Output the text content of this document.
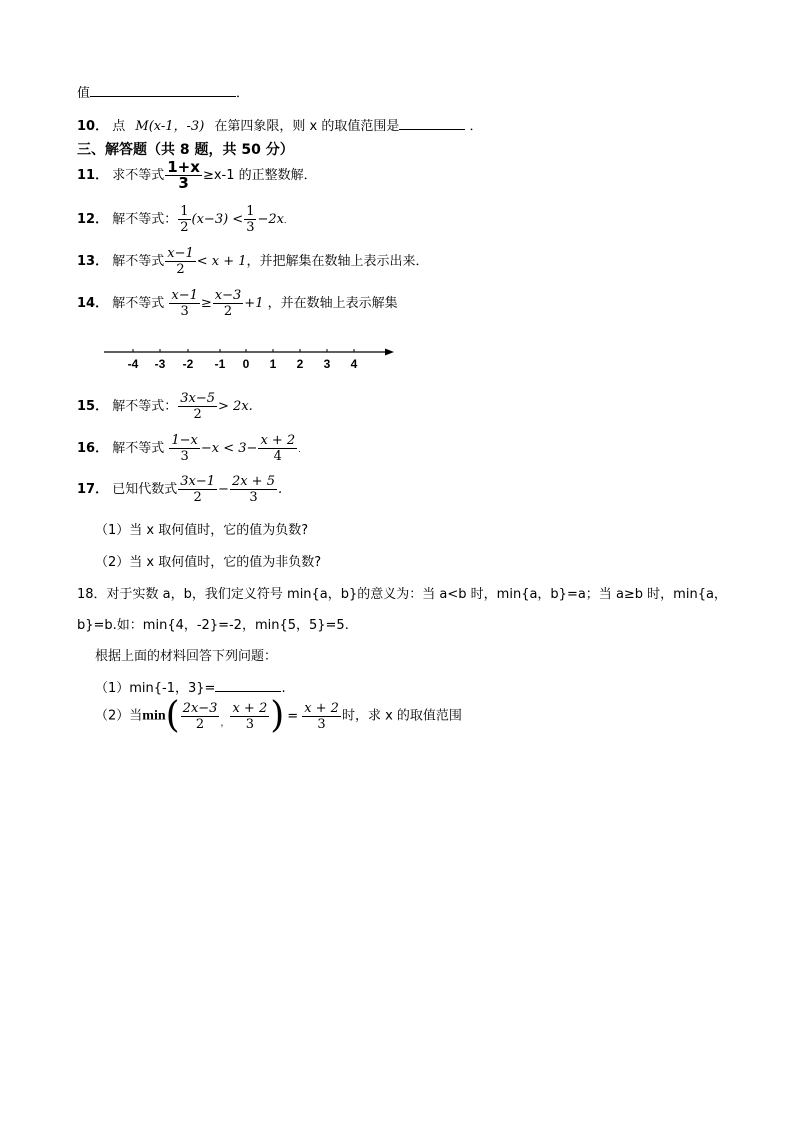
值	．
10． 点 M(x-1，-3) 在第四象限，则 x 的取值范围是	．
三、解答题（共 8 题，共 50 分）
11． 求不等式 $\frac{1+x}{3} \ge x-1$ 的正整数解．
12． 解不等式： $\frac{1}{2} (x-3) < \frac{1}{3} -2x$．
13． 解不等式 $\frac{x-1}{2} < x + 1$，并把解集在数轴上表示出来．
14． 解不等式 $\frac{x-1}{3} \ge \frac{x-3}{2} +1$ ，并在数轴上表示解集
-4 -3 -2 -1 0 1 2 3 4
15． 解不等式： $\frac{3x-5}{2} > 2x$.
16． 解不等式 $\frac{1-x}{3} -x < 3- \frac{x + 2}{4}$ ．
17． 已知代数式 $\frac{3x-1}{2} - \frac{2x + 5}{3}$ .
（1）当 x 取何值时，它的值为负数?
（2）当 x 取何值时，它的值为非负数?
18．对于实数 a，b，我们定义符号 min{a，b}的意义为：当 a<b 时，min{a，b}=a；当 a≥b 时，min{a，
b}=b.如：min{4，-2}=-2，min{5，5}=5.
根据上面的材料回答下列问题：
（1）min{-1，3}=	.
（2）当$\min( \frac{2x-3}{2} _, \frac{x + 2}{3}$ ) = $\frac{x + 2}{3}$ 时，求 x 的取值范围
